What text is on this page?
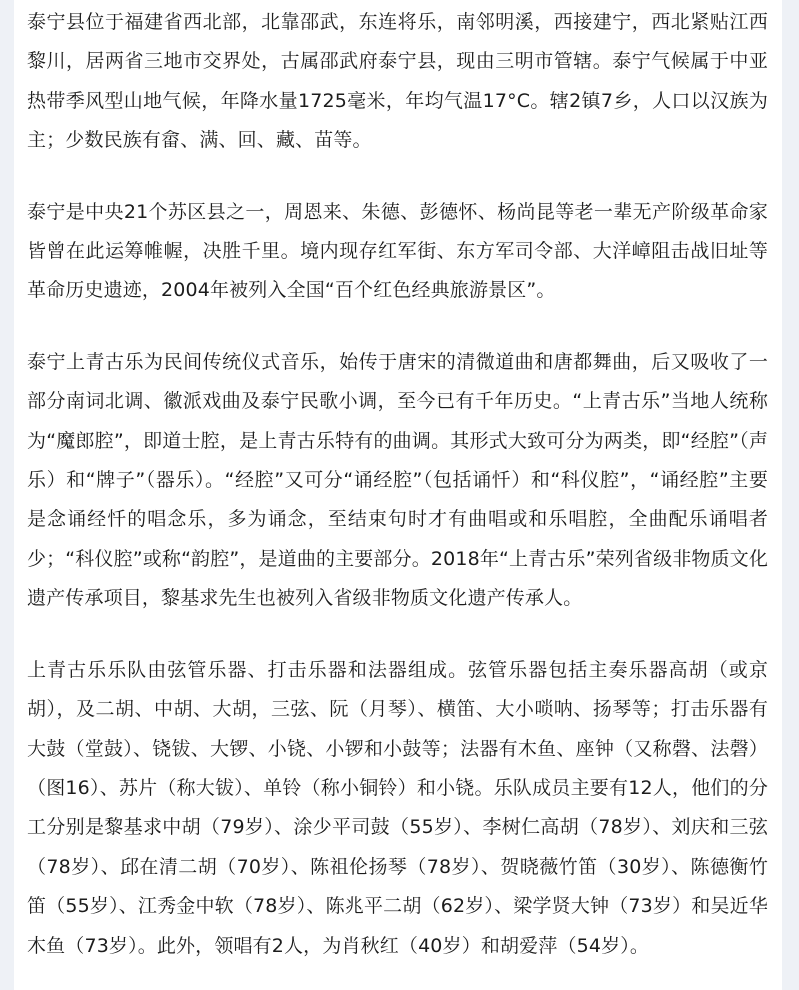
泰宁县位于福建省西北部，北靠邵武，东连将乐，南邻明溪，西接建宁，西北紧贴江西黎川，居两省三地市交界处，古属邵武府泰宁县，现由三明市管辖。泰宁气候属于中亚热带季风型山地气候，年降水量1725毫米，年均气温17°C。辖2镇7乡，人口以汉族为主；少数民族有畲、满、回、藏、苗等。

泰宁是中央21个苏区县之一，周恩来、朱德、彭德怀、杨尚昆等老一辈无产阶级革命家皆曾在此运筹帷幄，决胜千里。境内现存红军街、东方军司令部、大洋嶂阻击战旧址等革命历史遗迹，2004年被列入全国“百个红色经典旅游景区”。

泰宁上青古乐为民间传统仪式音乐，始传于唐宋的清微道曲和唐都舞曲，后又吸收了一部分南词北调、徽派戏曲及泰宁民歌小调，至今已有千年历史。“上青古乐”当地人统称为“魔郎腔”，即道士腔，是上青古乐特有的曲调。其形式大致可分为两类，即“经腔”（声乐）和“牌子”（器乐）。“经腔”又可分“诵经腔”（包括诵忏）和“科仪腔”，“诵经腔”主要是念诵经忏的唱念乐，多为诵念，至结束句时才有曲唱或和乐唱腔，全曲配乐诵唱者少；“科仪腔”或称“韵腔”，是道曲的主要部分。2018年“上青古乐”荣列省级非物质文化遗产传承项目，黎基求先生也被列入省级非物质文化遗产传承人。

上青古乐乐队由弦管乐器、打击乐器和法器组成。弦管乐器包括主奏乐器高胡（或京胡），及二胡、中胡、大胡，三弦、阮（月琴）、横笛、大小唢呐、扬琴等；打击乐器有大鼓（堂鼓）、铙钹、大锣、小铙、小锣和小鼓等；法器有木鱼、座钟（又称磬、法磬）（图16）、苏片（称大钹）、单铃（称小铜铃）和小铙。乐队成员主要有12人，他们的分工分别是黎基求中胡（79岁）、涂少平司鼓（55岁）、李树仁高胡（78岁）、刘庆和三弦（78岁）、邱在清二胡（70岁）、陈祖伦扬琴（78岁）、贺晓薇竹笛（30岁）、陈德衡竹笛（55岁）、江秀金中软（78岁）、陈兆平二胡（62岁）、梁学贤大钟（73岁）和吴近华木鱼（73岁）。此外，领唱有2人，为肖秋红（40岁）和胡爱萍（54岁）。
